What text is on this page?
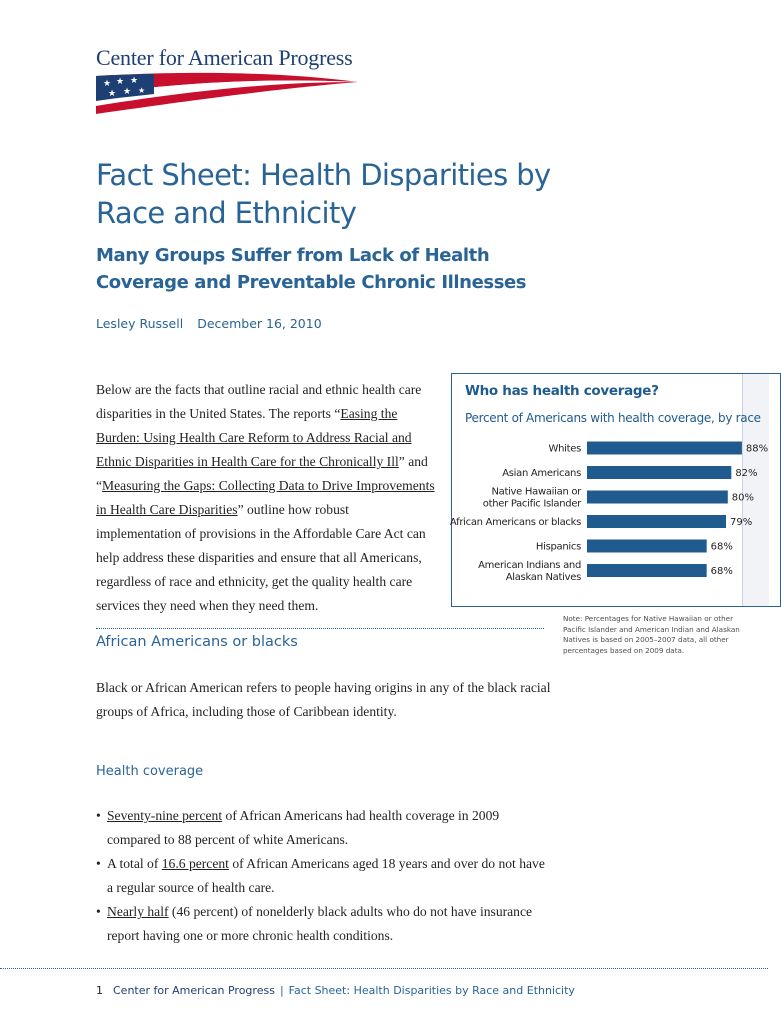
Center for American Progress
★ ★ ★
★ ★ ★
Fact Sheet: Health Disparities by Race and Ethnicity
Many Groups Suffer from Lack of Health Coverage and Preventable Chronic Illnesses
Lesley Russell December 16, 2010

Below are the facts that outline racial and ethnic health care disparities in the United States. The reports “Easing the Burden: Using Health Care Reform to Address Racial and Ethnic Disparities in Health Care for the Chronically Ill” and “Measuring the Gaps: Collecting Data to Drive Improvements in Health Care Disparities” outline how robust implementation of provisions in the Affordable Care Act can help address these disparities and ensure that all Americans, regardless of race and ethnicity, get the quality health care services they need when they need them.

Who has health coverage?

Percent of Americans with health coverage, by race

88%
Whites
82%
Asian Americans
80%
Native Hawaiian or other Pacific Islander
79%
African Americans or blacks
68%
Hispanics
68%
American Indians and Alaskan Natives

Note: Percentages for Native Hawaiian or other Pacific Islander and American Indian and Alaskan Natives is based on 2005–2007 data, all other percentages based on 2009 data.

African Americans or blacks

Black or African American refers to people having origins in any of the black racial groups of Africa, including those of Caribbean identity.

Health coverage
• Seventy-nine percent of African Americans had health coverage in 2009 compared to 88 percent of white Americans.
• A total of 16.6 percent of African Americans aged 18 years and over do not have a regular source of health care.
• Nearly half (46 percent) of nonelderly black adults who do not have insurance report having one or more chronic health conditions.
1 Center for American Progress | Fact Sheet: Health Disparities by Race and Ethnicity
